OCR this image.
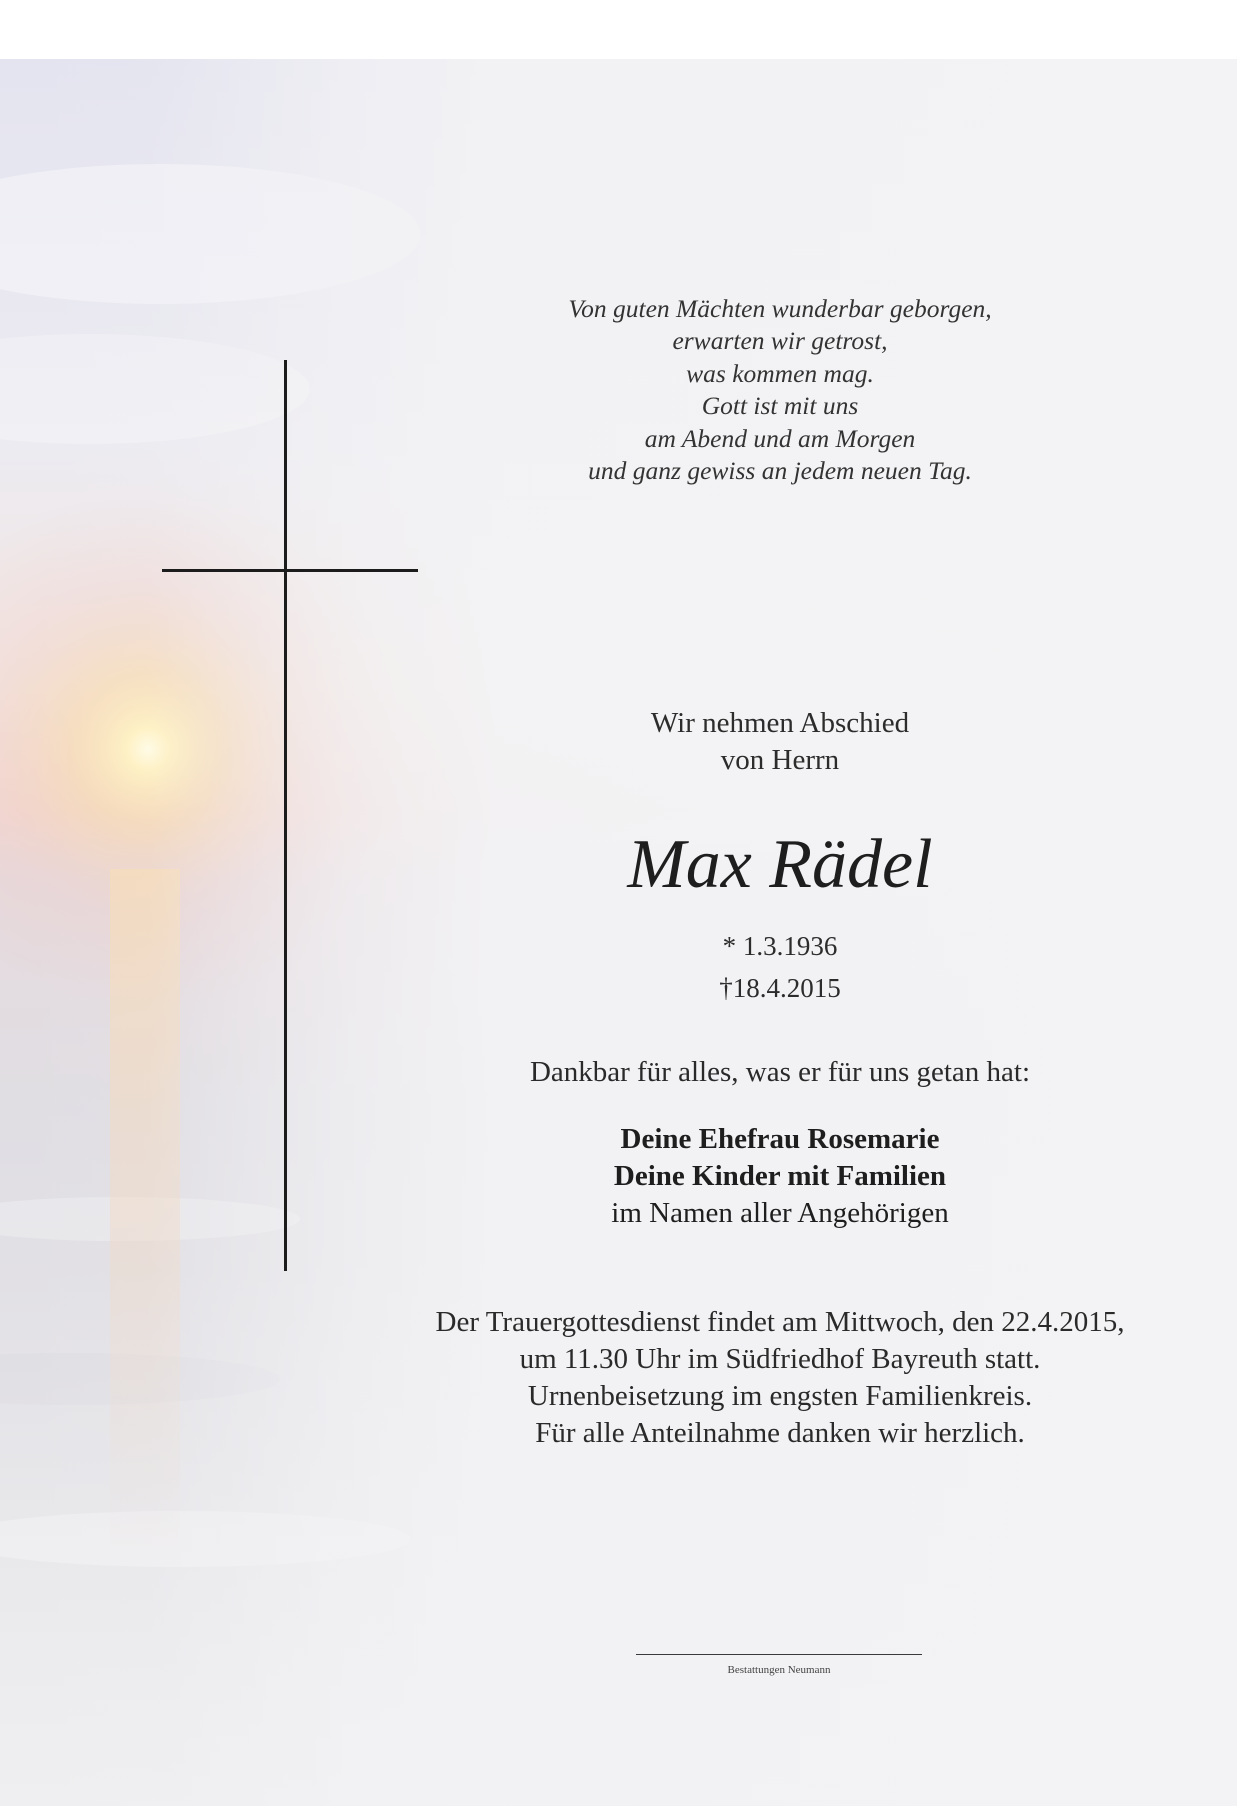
Von guten Mächten wunderbar geborgen,
erwarten wir getrost,
was kommen mag.
Gott ist mit uns
am Abend und am Morgen
und ganz gewiss an jedem neuen Tag.
Wir nehmen Abschied
von Herrn
Max Rädel
* 1.3.1936
†18.4.2015
Dankbar für alles, was er für uns getan hat:
Deine Ehefrau Rosemarie
Deine Kinder mit Familien
im Namen aller Angehörigen
Der Trauergottesdienst findet am Mittwoch, den 22.4.2015,
um 11.30 Uhr im Südfriedhof Bayreuth statt.
Urnenbeisetzung im engsten Familienkreis.
Für alle Anteilnahme danken wir herzlich.
Bestattungen Neumann
